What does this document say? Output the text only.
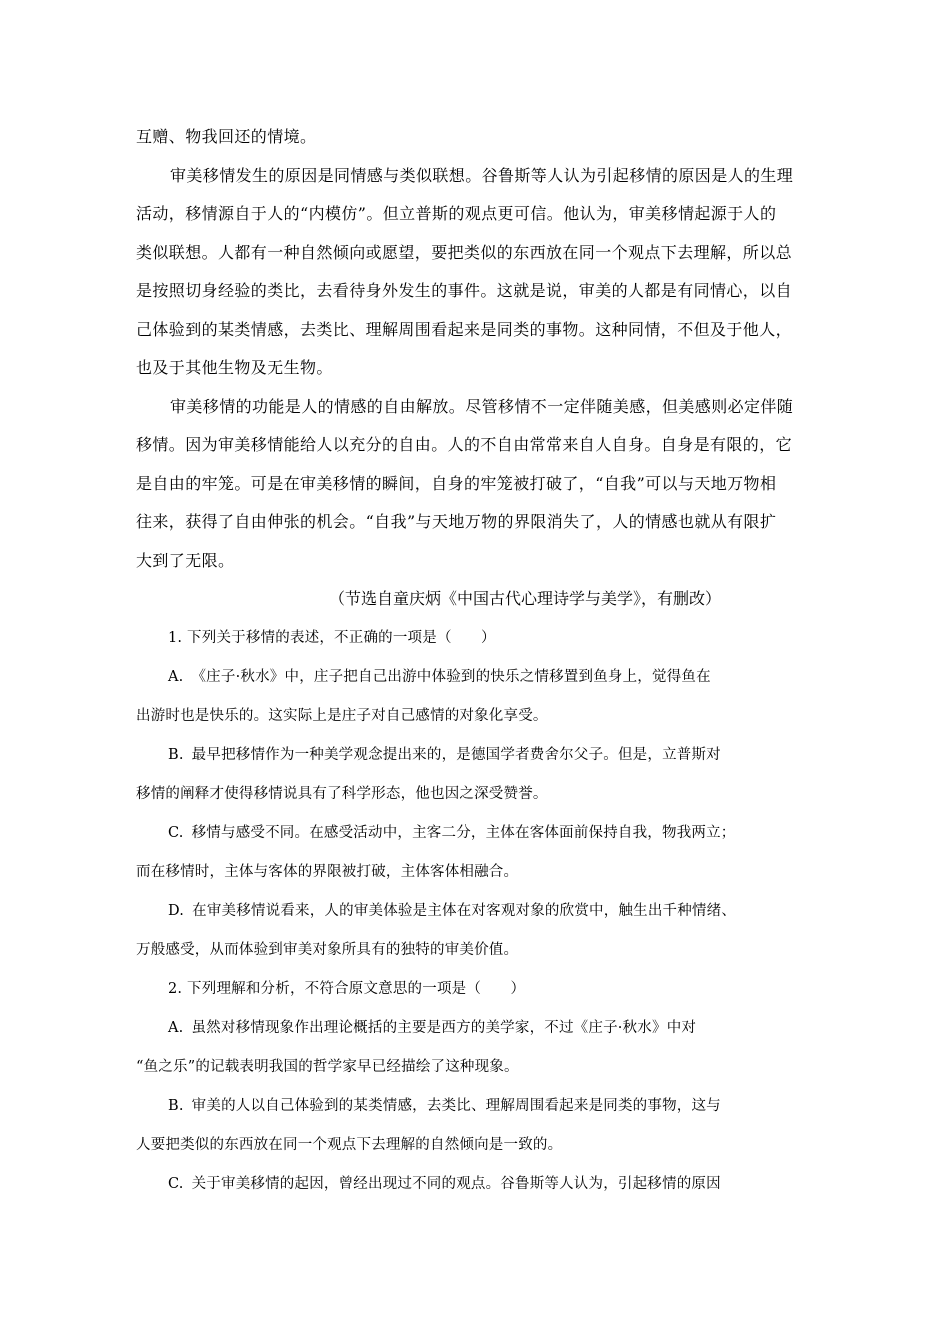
互赠、物我回还的情境。
审美移情发生的原因是同情感与类似联想。谷鲁斯等人认为引起移情的原因是人的生理
活动，移情源自于人的“内模仿”。但立普斯的观点更可信。他认为，审美移情起源于人的
类似联想。人都有一种自然倾向或愿望，要把类似的东西放在同一个观点下去理解，所以总
是按照切身经验的类比，去看待身外发生的事件。这就是说，审美的人都是有同情心，以自
己体验到的某类情感，去类比、理解周围看起来是同类的事物。这种同情，不但及于他人，
也及于其他生物及无生物。
审美移情的功能是人的情感的自由解放。尽管移情不一定伴随美感，但美感则必定伴随
移情。因为审美移情能给人以充分的自由。人的不自由常常来自人自身。自身是有限的，它
是自由的牢笼。可是在审美移情的瞬间，自身的牢笼被打破了，“自我”可以与天地万物相
往来，获得了自由伸张的机会。“自我”与天地万物的界限消失了，人的情感也就从有限扩
大到了无限。
（节选自童庆炳《中国古代心理诗学与美学》，有删改）
1. 下列关于移情的表述，不正确的一项是（　　）
A. 《庄子·秋水》中，庄子把自己出游中体验到的快乐之情移置到鱼身上，觉得鱼在
出游时也是快乐的。这实际上是庄子对自己感情的对象化享受。
B. 最早把移情作为一种美学观念提出来的，是德国学者费舍尔父子。但是，立普斯对
移情的阐释才使得移情说具有了科学形态，他也因之深受赞誉。
C. 移情与感受不同。在感受活动中，主客二分，主体在客体面前保持自我，物我两立；
而在移情时，主体与客体的界限被打破，主体客体相融合。
D. 在审美移情说看来，人的审美体验是主体在对客观对象的欣赏中，触生出千种情绪、
万般感受，从而体验到审美对象所具有的独特的审美价值。
2. 下列理解和分析，不符合原文意思的一项是（　　）
A. 虽然对移情现象作出理论概括的主要是西方的美学家，不过《庄子·秋水》中对
“鱼之乐”的记载表明我国的哲学家早已经描绘了这种现象。
B. 审美的人以自己体验到的某类情感，去类比、理解周围看起来是同类的事物，这与
人要把类似的东西放在同一个观点下去理解的自然倾向是一致的。
C. 关于审美移情的起因，曾经出现过不同的观点。谷鲁斯等人认为，引起移情的原因
